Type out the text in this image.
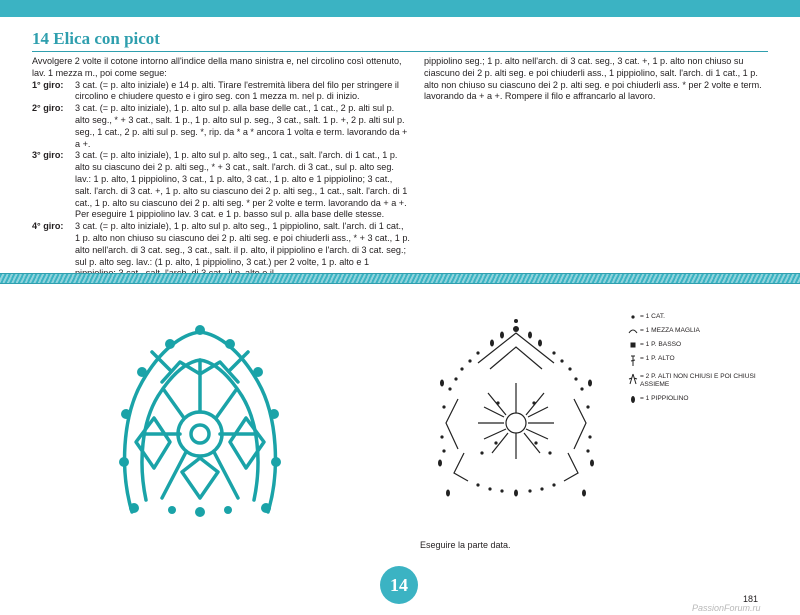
14 Elica con picot

Avvolgere 2 volte il cotone intorno all'indice della mano sinistra e, nel circolino così ottenuto, lav. 1 mezza m., poi come segue:

1° giro:	3 cat. (= p. alto iniziale) e 14 p. alti. Tirare l'estremità libera del filo per stringere il circolino e chiudere questo e i giro seg. con 1 mezza m. nel p. di inizio.
2° giro:	3 cat. (= p. alto iniziale), 1 p. alto sul p. alla base delle cat., 1 cat., 2 p. alti sul p. alto seg., * + 3 cat., salt. 1 p., 1 p. alto sul p. seg., 3 cat., salt. 1 p. +, 2 p. alti sul p. seg., 1 cat., 2 p. alti sul p. seg. *, rip. da * a * ancora 1 volta e term. lavorando da + a +.
3° giro:	3 cat. (= p. alto iniziale), 1 p. alto sul p. alto seg., 1 cat., salt. l'arch. di 1 cat., 1 p. alto su ciascuno dei 2 p. alti seg., * + 3 cat., salt. l'arch. di 3 cat., sul p. alto seg. lav.: 1 p. alto, 1 pippiolino, 3 cat., 1 p. alto, 3 cat., 1 p. alto e 1 pippiolino; 3 cat., salt. l'arch. di 3 cat. +, 1 p. alto su ciascuno dei 2 p. alti seg., 1 cat., salt. l'arch. di 1 cat., 1 p. alto su ciascuno dei 2 p. alti seg. * per 2 volte e term. lavorando da + a +.

Per eseguire 1 pippiolino lav. 3 cat. e 1 p. basso sul p. alla base delle stesse.

4° giro:	3 cat. (= p. alto iniziale), 1 p. alto sul p. alto seg., 1 pippiolino, salt. l'arch. di 1 cat., 1 p. alto non chiuso su ciascuno dei 2 p. alti seg. e poi chiuderli ass., * + 3 cat., 1 p. alto nell'arch. di 3 cat. seg., 3 cat., salt. il p. alto, il pippiolino e l'arch. di 3 cat. seg.; sul p. alto seg. lav.: (1 p. alto, 1 pippiolino, 3 cat.) per 2 volte, 1 p. alto e 1

pippiolino seg.; 1 p. alto nell'arch. di 3 cat. seg., 3 cat. +, 1 p. alto non chiuso su ciascuno dei 2 p. alti seg. e poi chiuderli ass., 1 pippiolino, salt. l'arch. di 1 cat., 1 p. alto non chiuso su ciascuno dei 2 p. alti seg. e poi chiuderli ass. * per 2 volte e term. lavorando da + a +. Rompere il filo e affrancarlo al lavoro.

= 1 CAT.
= 1 MEZZA MAGLIA
= 1 P. BASSO
= 1 P. ALTO
= 2 P. ALTI NON CHIUSI E POI CHIUSI ASSIEME
= 1 PIPPIOLINO
Eseguire la parte data.
14
181
PassionForum.ru
